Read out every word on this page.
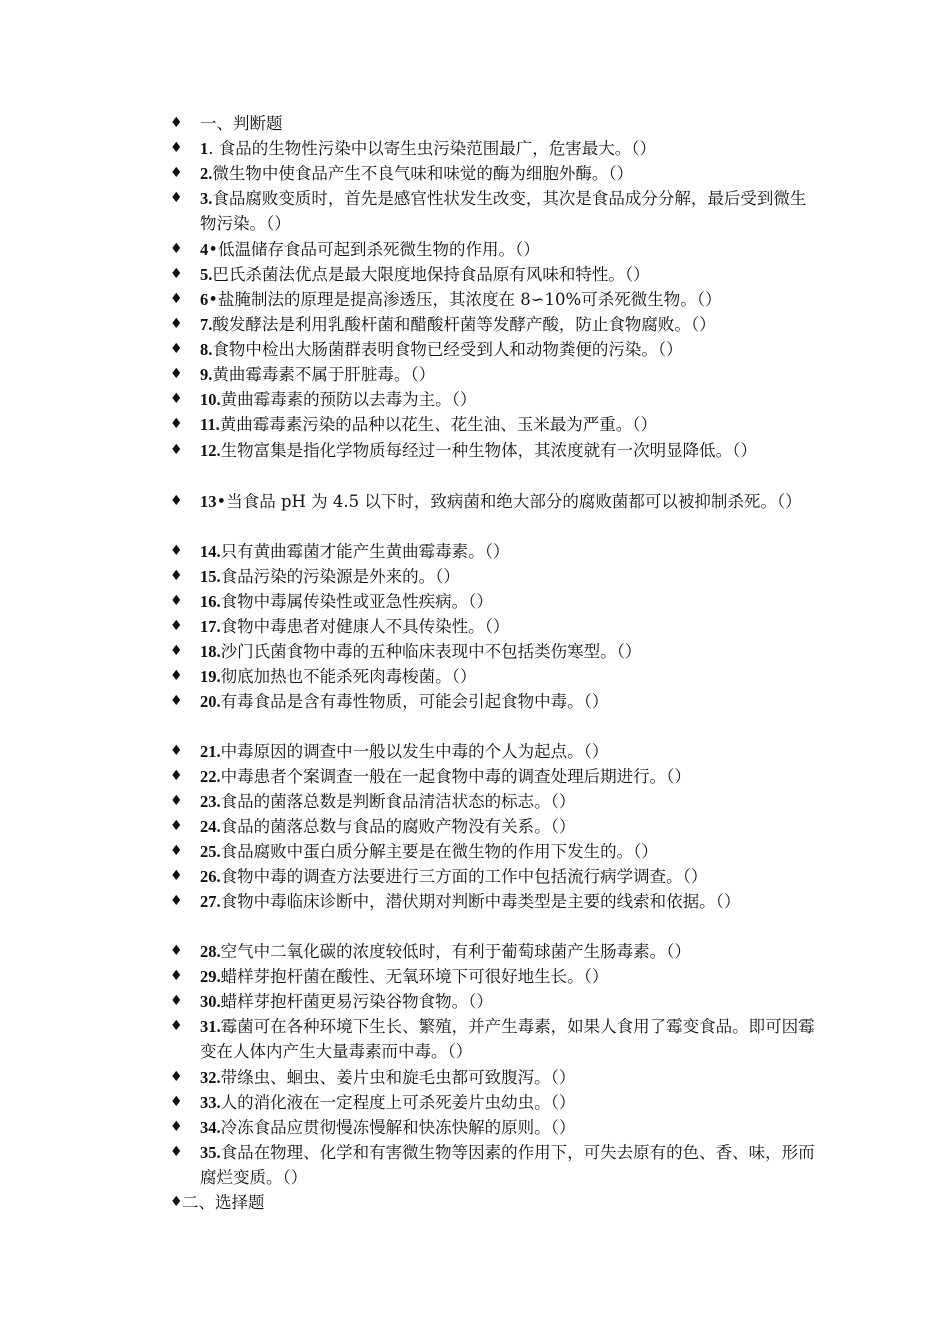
♦	一、判断题
♦	1. 食品的生物性污染中以寄生虫污染范围最广，危害最大。（）
♦	2.微生物中使食品产生不良气味和味觉的酶为细胞外酶。（）
♦	3.食品腐败变质时，首先是感官性状发生改变，其次是食品成分分解，最后受到微生物污染。（）
♦	4•低温储存食品可起到杀死微生物的作用。（）
♦	5.巴氏杀菌法优点是最大限度地保持食品原有风味和特性。（）
♦	6•盐腌制法的原理是提高渗透压，其浓度在 8∽10%可杀死微生物。（）
♦	7.酸发酵法是利用乳酸杆菌和醋酸杆菌等发酵产酸，防止食物腐败。（）
♦	8.食物中检出大肠菌群表明食物已经受到人和动物粪便的污染。（）
♦	9.黄曲霉毒素不属于肝脏毒。（）
♦	10.黄曲霉毒素的预防以去毒为主。（）
♦	11.黄曲霉毒素污染的品种以花生、花生油、玉米最为严重。（）
♦	12.生物富集是指化学物质每经过一种生物体，其浓度就有一次明显降低。（）
♦	13•当食品 pH 为 4.5 以下时，致病菌和绝大部分的腐败菌都可以被抑制杀死。（）
♦	14.只有黄曲霉菌才能产生黄曲霉毒素。（）
♦	15.食品污染的污染源是外来的。（）
♦	16.食物中毒属传染性或亚急性疾病。（）
♦	17.食物中毒患者对健康人不具传染性。（）
♦	18.沙门氏菌食物中毒的五种临床表现中不包括类伤寒型。（）
♦	19.彻底加热也不能杀死肉毒梭菌。（）
♦	20.有毒食品是含有毒性物质，可能会引起食物中毒。（）
♦	21.中毒原因的调查中一般以发生中毒的个人为起点。（）
♦	22.中毒患者个案调查一般在一起食物中毒的调查处理后期进行。（）
♦	23.食品的菌落总数是判断食品清洁状态的标志。（）
♦	24.食品的菌落总数与食品的腐败产物没有关系。（）
♦	25.食品腐败中蛋白质分解主要是在微生物的作用下发生的。（）
♦	26.食物中毒的调查方法要进行三方面的工作中包括流行病学调查。（）
♦	27.食物中毒临床诊断中，潜伏期对判断中毒类型是主要的线索和依据。（）
♦	28.空气中二氧化碳的浓度较低时，有利于葡萄球菌产生肠毒素。（）
♦	29.蜡样芽抱杆菌在酸性、无氧环境下可很好地生长。（）
♦	30.蜡样芽抱杆菌更易污染谷物食物。（）
♦	31.霉菌可在各种环境下生长、繁殖，并产生毒素，如果人食用了霉变食品。即可因霉变在人体内产生大量毒素而中毒。（）
♦	32.带绦虫、蛔虫、姜片虫和旋毛虫都可致腹泻。（）
♦	33.人的消化液在一定程度上可杀死姜片虫幼虫。（）
♦	34.冷冻食品应贯彻慢冻慢解和快冻快解的原则。（）
♦	35.食品在物理、化学和有害微生物等因素的作用下，可失去原有的色、香、味，形而腐烂变质。（）
♦ 二、选择题
